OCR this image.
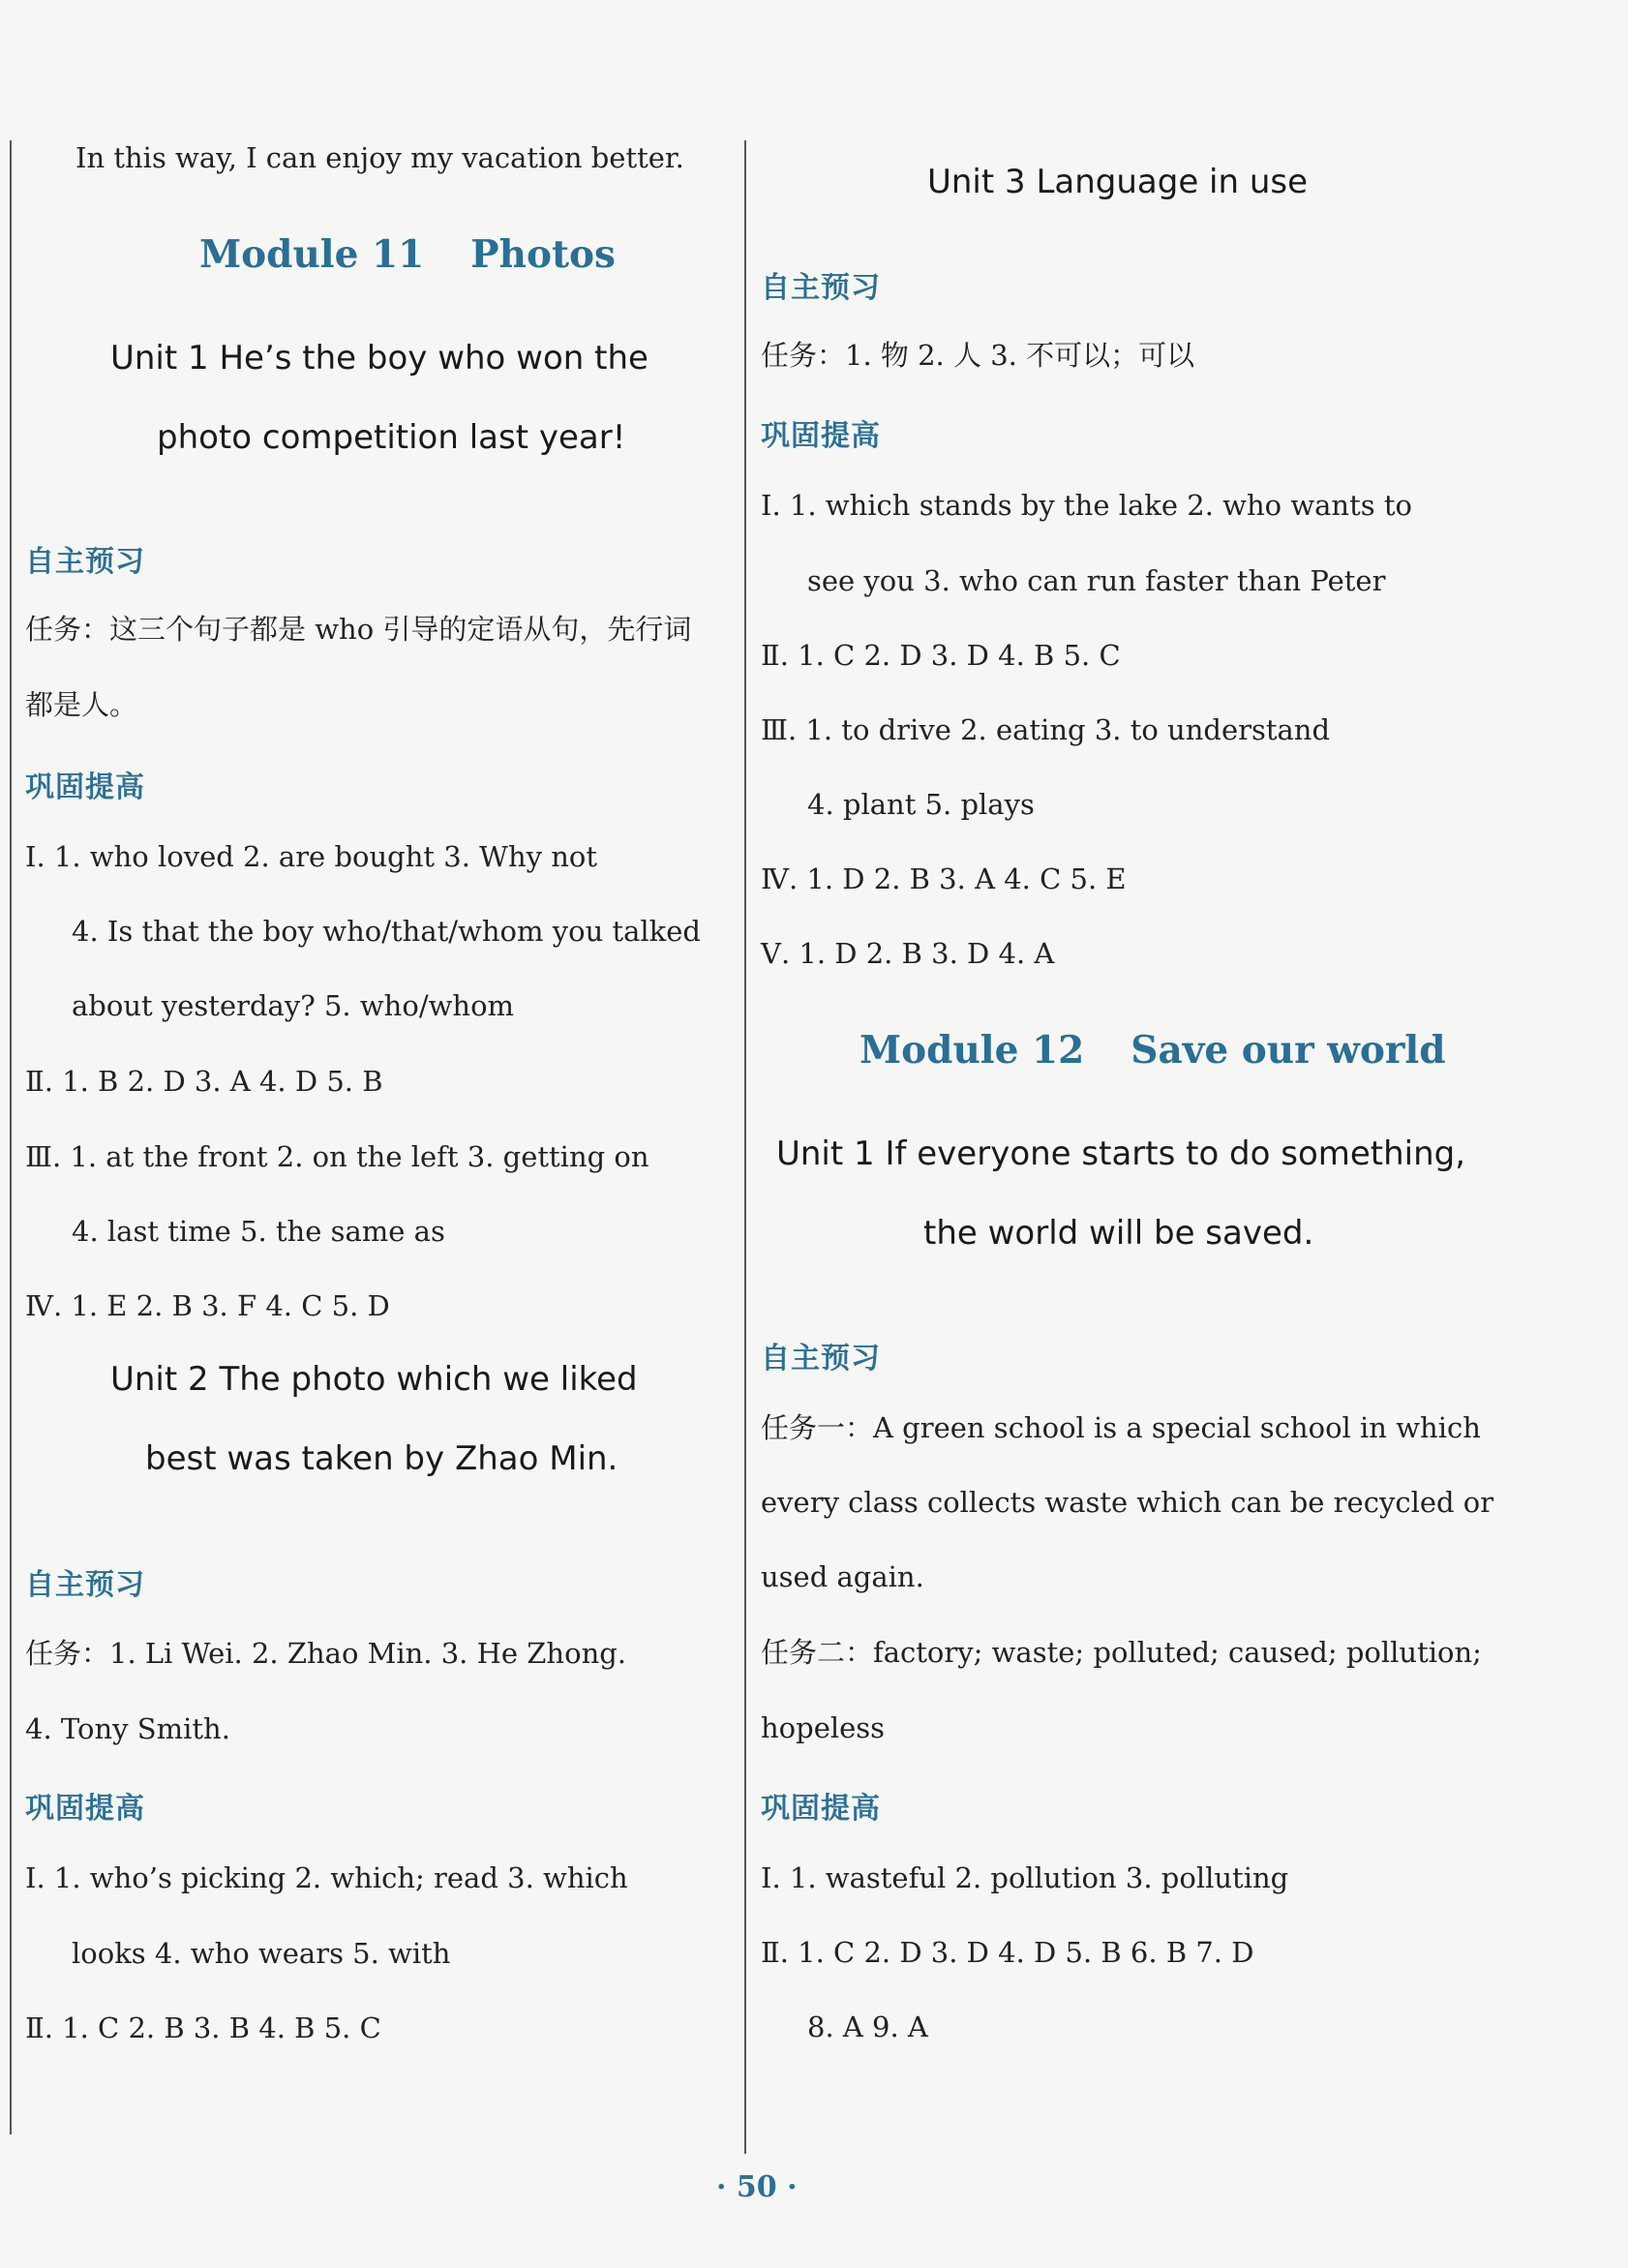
In this way, I can enjoy my vacation better.
Module 11 Photos
Unit 1 He’s the boy who won the
photo competition last year!
自主预习
任务：这三个句子都是 who 引导的定语从句，先行词
都是人。
巩固提高
Ⅰ. 1. who loved 2. are bought 3. Why not
4. Is that the boy who/that/whom you talked
about yesterday? 5. who/whom
Ⅱ. 1. B 2. D 3. A 4. D 5. B
Ⅲ. 1. at the front 2. on the left 3. getting on
4. last time 5. the same as
Ⅳ. 1. E 2. B 3. F 4. C 5. D
Unit 2 The photo which we liked
best was taken by Zhao Min.
自主预习
任务：1. Li Wei. 2. Zhao Min. 3. He Zhong.
4. Tony Smith.
巩固提高
Ⅰ. 1. who’s picking 2. which; read 3. which
looks 4. who wears 5. with
Ⅱ. 1. C 2. B 3. B 4. B 5. C
Unit 3 Language in use
自主预习
任务：1. 物 2. 人 3. 不可以；可以
巩固提高
Ⅰ. 1. which stands by the lake 2. who wants to
see you 3. who can run faster than Peter
Ⅱ. 1. C 2. D 3. D 4. B 5. C
Ⅲ. 1. to drive 2. eating 3. to understand
4. plant 5. plays
Ⅳ. 1. D 2. B 3. A 4. C 5. E
Ⅴ. 1. D 2. B 3. D 4. A
Module 12 Save our world
Unit 1 If everyone starts to do something,
the world will be saved.
自主预习
任务一：A green school is a special school in which
every class collects waste which can be recycled or
used again.
任务二：factory; waste; polluted; caused; pollution;
hopeless
巩固提高
Ⅰ. 1. wasteful 2. pollution 3. polluting
Ⅱ. 1. C 2. D 3. D 4. D 5. B 6. B 7. D
8. A 9. A
· 50 ·
